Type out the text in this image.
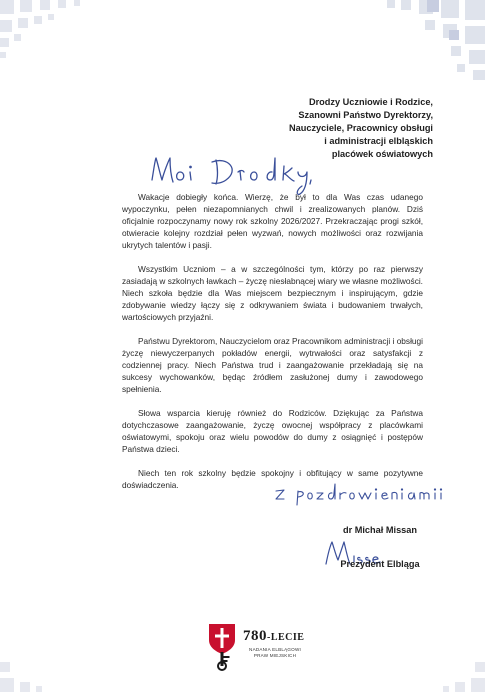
Drodzy Uczniowie i Rodzice,
Szanowni Państwo Dyrektorzy,
Nauczyciele, Pracownicy obsługi
i administracji elbląskich
placówek oświatowych

Wakacje dobiegły końca. Wierzę, że był to dla Was czas udanego wypoczynku, pełen niezapomnianych chwil i zrealizowanych planów. Dziś oficjalnie rozpoczynamy nowy rok szkolny 2026/2027. Przekraczając progi szkół, otwieracie kolejny rozdział pełen wyzwań, nowych możliwości oraz rozwijania ukrytych talentów i pasji.

Wszystkim Uczniom – a w szczególności tym, którzy po raz pierwszy zasiadają w szkolnych ławkach – życzę niesłabnącej wiary we własne możliwości. Niech szkoła będzie dla Was miejscem bezpiecznym i inspirującym, gdzie zdobywanie wiedzy łączy się z odkrywaniem świata i budowaniem trwałych, wartościowych przyjaźni.

Państwu Dyrektorom, Nauczycielom oraz Pracownikom administracji i obsługi życzę niewyczerpanych pokładów energii, wytrwałości oraz satysfakcji z codziennej pracy. Niech Państwa trud i zaangażowanie przekładają się na sukcesy wychowanków, będąc źródłem zasłużonej dumy i zawodowego spełnienia.

Słowa wsparcia kieruję również do Rodziców. Dziękując za Państwa dotychczasowe zaangażowanie, życzę owocnej współpracy z placówkami oświatowymi, spokoju oraz wielu powodów do dumy z osiągnięć i postępów Państwa dzieci.

Niech ten rok szkolny będzie spokojny i obfitujący w same pozytywne doświadczenia.

dr Michał Missan
Prezydent Elbląga
780-LECIE
NADANIA ELBLĄGOWI PRAW MIEJSKICH
